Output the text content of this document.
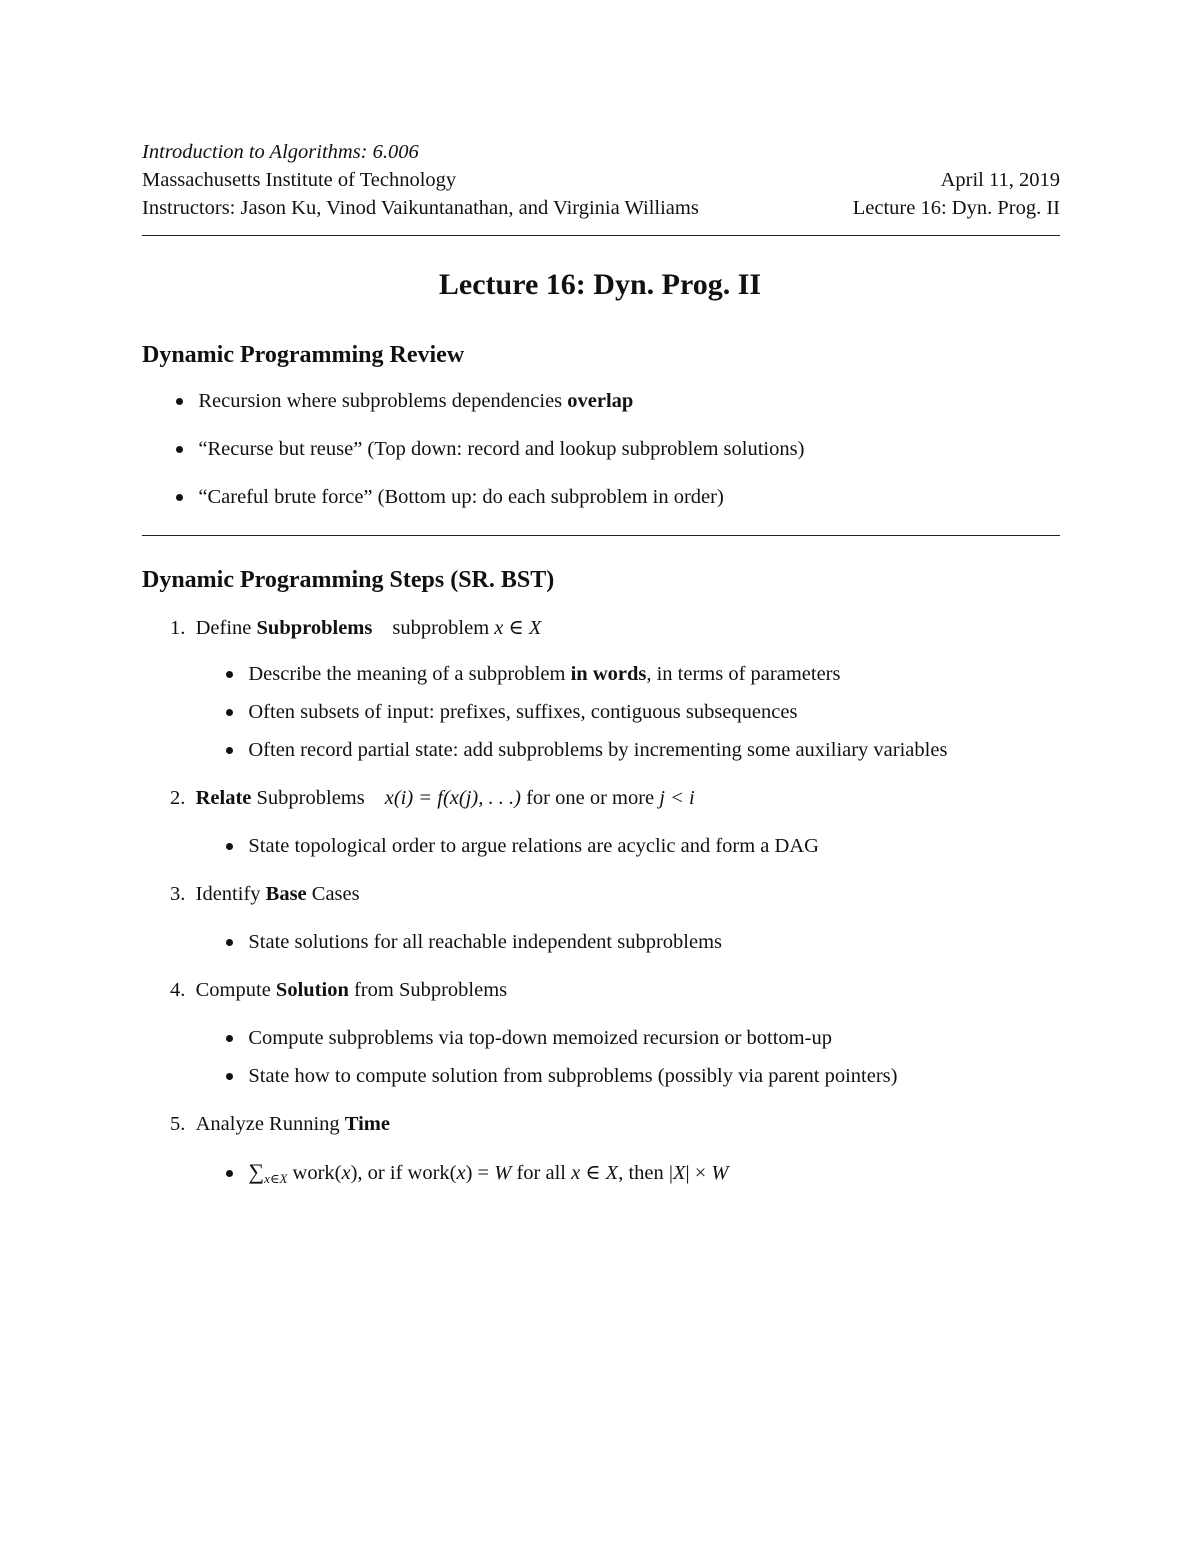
Introduction to Algorithms: 6.006
Massachusetts Institute of Technology	April 11, 2019
Instructors: Jason Ku, Vinod Vaikuntanathan, and Virginia Williams	Lecture 16: Dyn. Prog. II
Lecture 16: Dyn. Prog. II
Dynamic Programming Review
Recursion where subproblems dependencies overlap
“Recurse but reuse” (Top down: record and lookup subproblem solutions)
“Careful brute force” (Bottom up: do each subproblem in order)
Dynamic Programming Steps (SR. BST)
1. Define Subproblems subproblem x ∈ X
Describe the meaning of a subproblem in words, in terms of parameters
Often subsets of input: prefixes, suffixes, contiguous subsequences
Often record partial state: add subproblems by incrementing some auxiliary variables
2. Relate Subproblems x(i) = f(x(j), . . .) for one or more j < i
State topological order to argue relations are acyclic and form a DAG
3. Identify Base Cases
State solutions for all reachable independent subproblems
4. Compute Solution from Subproblems
Compute subproblems via top-down memoized recursion or bottom-up
State how to compute solution from subproblems (possibly via parent pointers)
5. Analyze Running Time
$\sum_{x\in X}$ work(x), or if work(x) = W for all x ∈ X, then |X| × W
